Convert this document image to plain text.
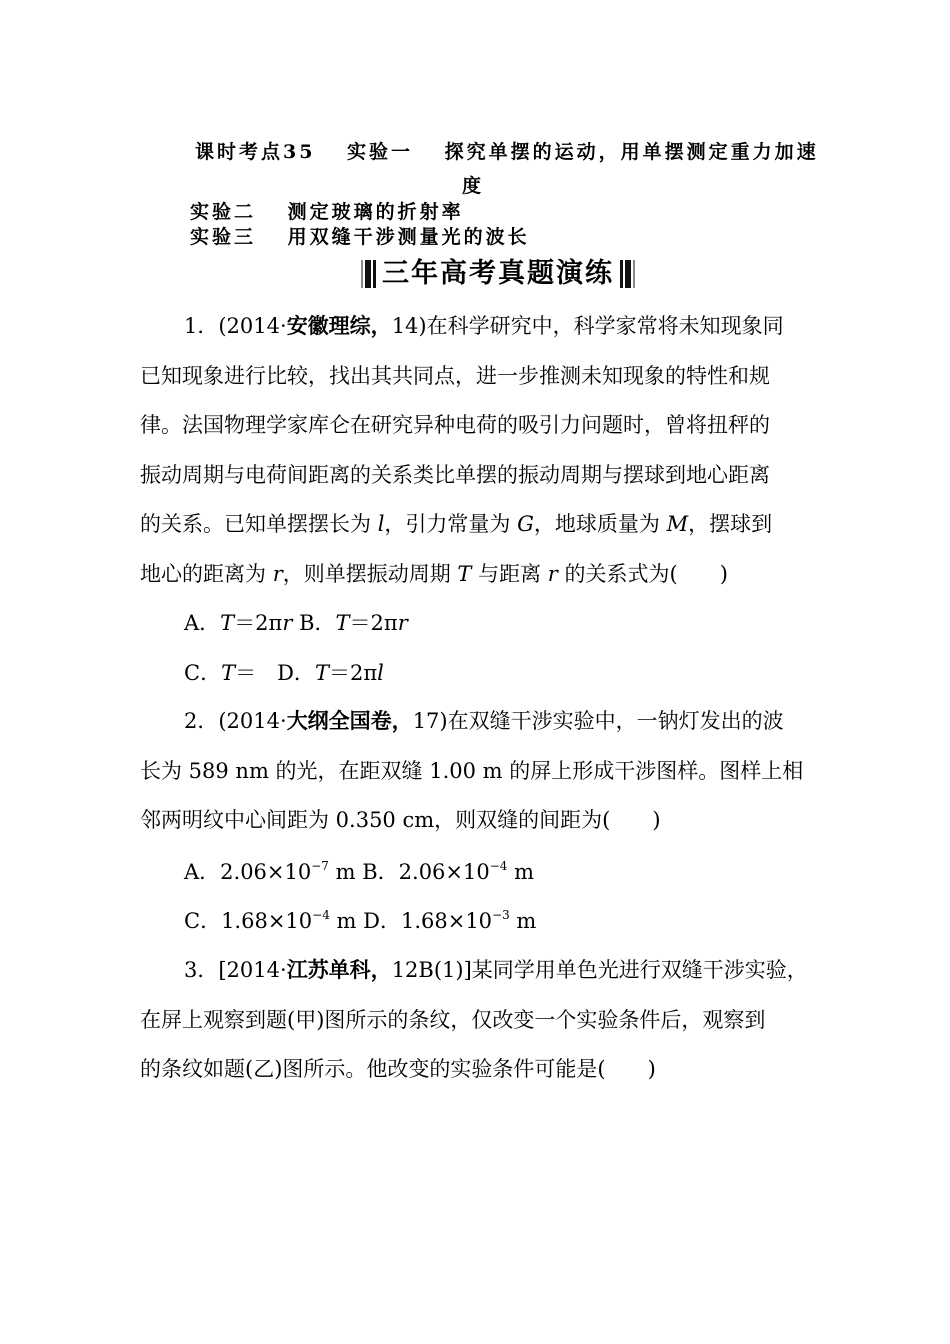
课时考点35　 实验一　 探究单摆的运动，用单摆测定重力加速
度
实验二　 测定玻璃的折射率
实验三　 用双缝干涉测量光的波长
三年高考真题演练
1．(2014·安徽理综，14)在科学研究中，科学家常将未知现象同
已知现象进行比较，找出其共同点，进一步推测未知现象的特性和规
律。法国物理学家库仑在研究异种电荷的吸引力问题时，曾将扭秤的
振动周期与电荷间距离的关系类比单摆的振动周期与摆球到地心距离
的关系。已知单摆摆长为 l，引力常量为 G，地球质量为 M，摆球到
地心的距离为 r，则单摆振动周期 T 与距离 r 的关系式为(　　)
A．T＝2πr B．T＝2πr
C．T＝　D．T＝2πl
2．(2014·大纲全国卷，17)在双缝干涉实验中，一钠灯发出的波
长为 589 nm 的光，在距双缝 1.00 m 的屏上形成干涉图样。图样上相
邻两明纹中心间距为 0.350 cm，则双缝的间距为(　　)
A．$2.06\times 10^{-7}$ m B．$2.06\times 10^{-4}$ m
C．$1.68\times 10^{-4}$ m D．$1.68\times 10^{-3}$ m
3．[2014·江苏单科，12B(1)]某同学用单色光进行双缝干涉实验，
在屏上观察到题(甲)图所示的条纹，仅改变一个实验条件后，观察到
的条纹如题(乙)图所示。他改变的实验条件可能是(　　)
